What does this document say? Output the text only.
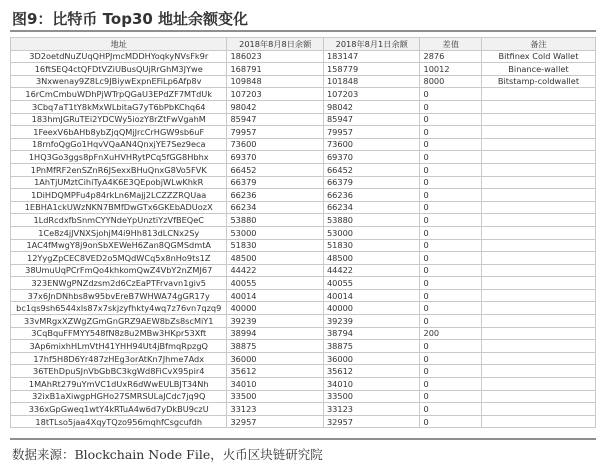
图9：比特币 Top30 地址余额变化
地址	2018年8月8日余额	2018年8月1日余额	差值	备注
3D2oetdNuZUqQHPJmcMDDHYoqkyNVsFk9r	186023	183147	2876	Bitfinex Cold Wallet
16ftSEQ4ctQFDtVZiUBusQUjRrGhM3JYwe	168791	158779	10012	Binance-wallet
3Nxwenay9Z8Lc9JBiywExpnEFiLp6Afp8v	109848	101848	8000	Bitstamp-coldwallet
16rCmCmbuWDhPjWTrpQGaU3EPdZF7MTdUk	107203	107203	0	
3Cbq7aT1tY8kMxWLbitaG7yT6bPbKChq64	98042	98042	0	
183hmJGRuTEi2YDCWy5iozY8rZtFwVgahM	85947	85947	0	
1FeexV6bAHb8ybZjqQMjJrcCrHGW9sb6uF	79957	79957	0	
18rnfoQgGo1HqvVQaAN4QnxjYE7Sez9eca	73600	73600	0	
1HQ3Go3ggs8pFnXuHVHRytPCq5fGG8Hbhx	69370	69370	0	
1PnMfRF2enSZnR6JSexxBHuQnxG8Vo5FVK	66452	66452	0	
1AhTjUMztCihiTyA4K6E3QEpobjWLwKhkR	66379	66379	0	
1DiHDQMPFu4p84rkLn6Majj2LCZZZRQUaa	66236	66236	0	
1EBHA1ckUWzNKN7BMfDwGTx6GKEbADUozX	66234	66234	0	
1LdRcdxfbSnmCYYNdeYpUnztiYzVfBEQeC	53880	53880	0	
1Ce8z4jJVNXSjohjM4i9Hh813dLCNx2Sy	53000	53000	0	
1AC4fMwgY8j9onSbXEWeH6Zan8QGMSdmtA	51830	51830	0	
12YygZpCEC8VED2o5MQdWCq5x8nHo9ts1Z	48500	48500	0	
38UmuUqPCrFmQo4khkomQwZ4VbY2nZMJ67	44422	44422	0	
323ENWgPNZdzsm2d6CzEaPTFrvavn1giv5	40055	40055	0	
37x6JnDNhbs8w95bvEreB7WHWA74gGR17y	40014	40014	0	
bc1qs9sh6544xls87x7skjzyfhkty4wq7z76vn7qzq9	40000	40000	0	
33vMRgxXZWgZGmGnGRZ9AEW8bZs8scMiY1	39239	39239	0	
3CqBquFFMYY548fN8z8u2MBw3HKpr53Xft	38994	38794	200	
3Ap6mixhHLmVtH41YHH94Ut4jBfmqRpzgQ	38875	38875	0	
17hf5H8D6Yr487zHEg3orAtKn7Jhme7Adx	36000	36000	0	
36TEhDpuSJnVbGbBC3kgWd8FiCvX95pir4	35612	35612	0	
1MAhRt279uYmVC1dUxR6dWwEULBJT34Nh	34010	34010	0	
32ixB1aXiwgpHGHo27SMRSULaJCdc7jq9Q	33500	33500	0	
336xGpGweq1wtY4kRTuA4w6d7yDkBU9czU	33123	33123	0	
18tTLso5jaa4XqyTQzo956mqhfCsgcufdh	32957	32957	0	
数据来源：Blockchain Node File，火币区块链研究院
